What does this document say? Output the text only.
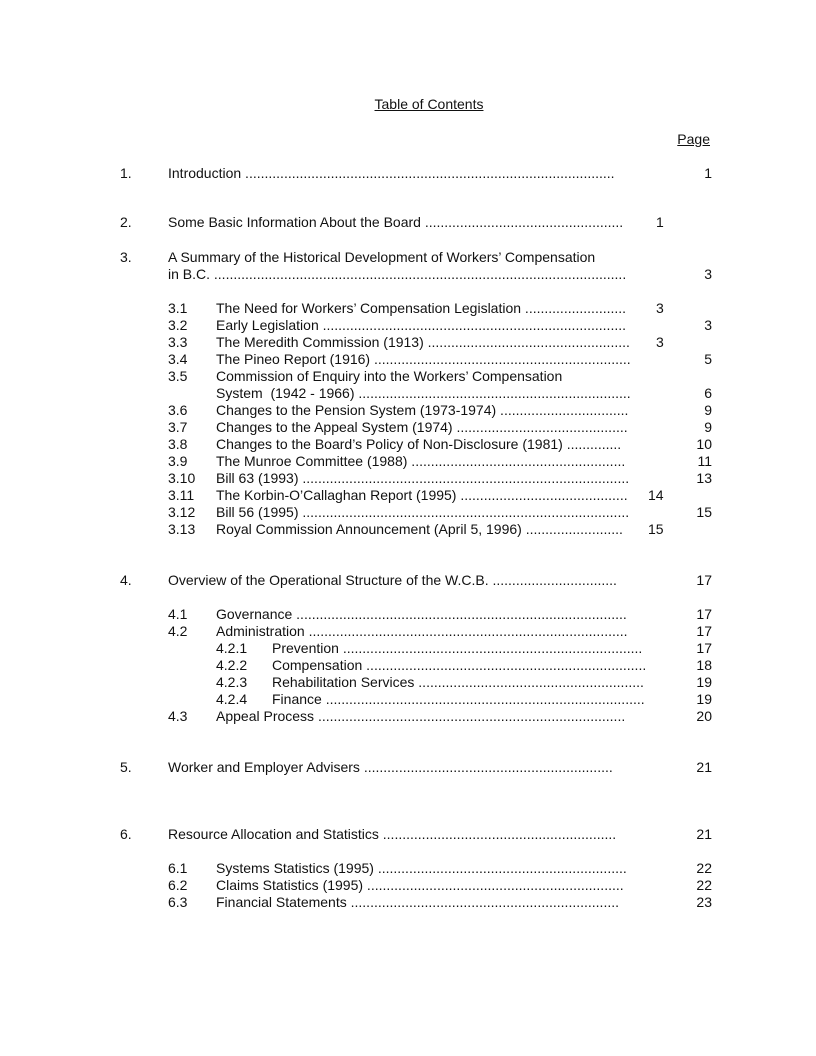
Table of Contents
Page
1.	Introduction ...............................................................................................	1
2.	Some Basic Information About the Board ................................................... 1
3.	A Summary of the Historical Development of Workers’ Compensation
in B.C. ..........................................................................................................	3
3.1 The Need for Workers’ Compensation Legislation .......................... 3
3.2 Early Legislation ..............................................................................	3
3.3 The Meredith Commission (1913) .................................................... 3
3.4 The Pineo Report (1916) ..................................................................	5
3.5 Commission of Enquiry into the Workers’ Compensation
System  (1942 - 1966) ......................................................................	6
3.6 Changes to the Pension System (1973-1974) .................................	9
3.7 Changes to the Appeal System (1974) ............................................	9
3.8 Changes to the Board’s Policy of Non-Disclosure (1981) ..............	10
3.9 The Munroe Committee (1988) .......................................................	11
3.10 Bill 63 (1993) ....................................................................................	13
3.11 The Korbin-O’Callaghan Report (1995) ........................................... 14
3.12 Bill 56 (1995) ....................................................................................	15
3.13 Royal Commission Announcement (April 5, 1996) ......................... 15
4.	Overview of the Operational Structure of the W.C.B. ................................	17
4.1 Governance .....................................................................................	17
4.2 Administration ..................................................................................	17
4.2.1 Prevention .............................................................................	17
4.2.2 Compensation ........................................................................	18
4.2.3 Rehabilitation Services ..........................................................	19
4.2.4 Finance ..................................................................................	19
4.3 Appeal Process ...............................................................................	20
5.	Worker and Employer Advisers ................................................................	21
6.	Resource Allocation and Statistics ............................................................	21
6.1 Systems Statistics (1995) ................................................................	22
6.2 Claims Statistics (1995) ..................................................................	22
6.3 Financial Statements .....................................................................	23
